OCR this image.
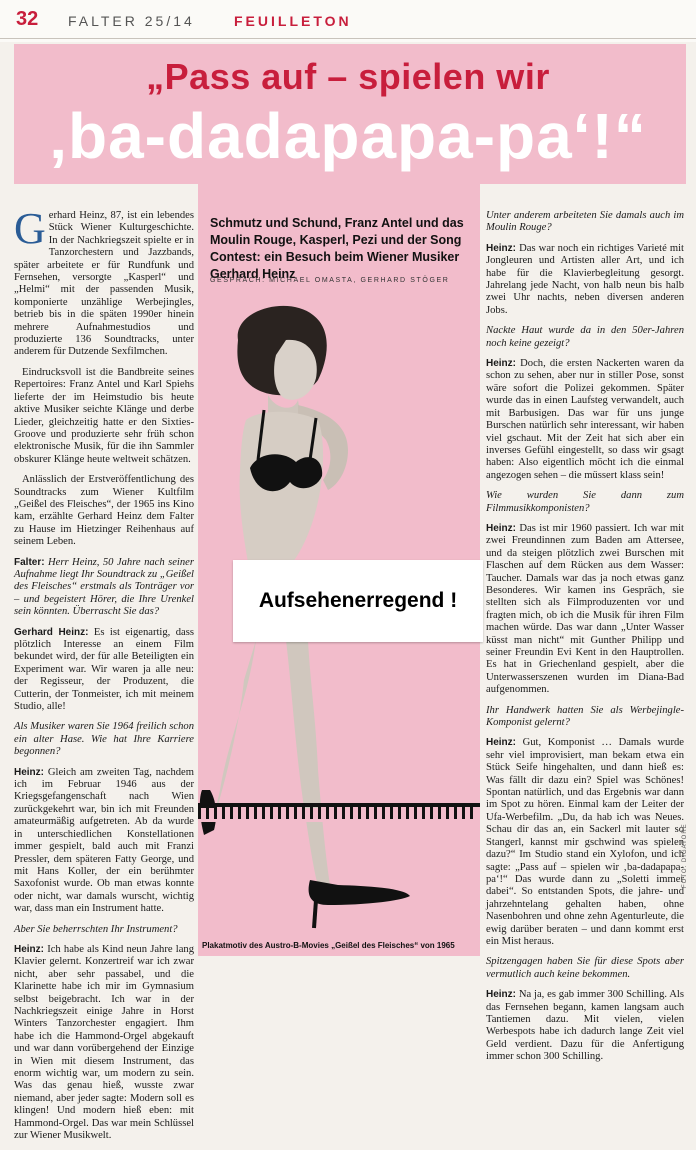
32 FALTER 25/14	FEUILLETON
„Pass auf – spielen wir
‚ba-dadapapa-pa‘!“
Schmutz und Schund, Franz Antel und das Moulin Rouge, Kasperl, Pezi und der Song Contest: ein Besuch beim Wiener Musiker Gerhard Heinz
GESPRÄCH: MICHAEL OMASTA, GERHARD STÖGER

Gerhard Heinz, 87, ist ein lebendes Stück Wiener Kulturgeschichte. In der Nachkriegszeit spielte er in Tanzorchestern und Jazzbands, später arbeitete er für Rundfunk und Fernsehen, versorgte „Kasperl“ und „Helmi“ mit der passenden Musik, komponierte unzählige Werbejingles, betrieb bis in die späten 1990er hinein mehrere Aufnahmestudios und produzierte 136 Soundtracks, unter anderem für Dutzende Sexfilmchen.

Eindrucksvoll ist die Bandbreite seines Repertoires: Franz Antel und Karl Spiehs lieferte der im Heimstudio bis heute aktive Musiker seichte Klänge und derbe Lieder, gleichzeitig hatte er den Sixties-Groove und produzierte sehr früh schon elektronische Musik, für die ihn Sammler obskurer Klänge heute weltweit schätzen.

Anlässlich der Erstveröffentlichung des Soundtracks zum Wiener Kultfilm „Geißel des Fleisches“, der 1965 ins Kino kam, erzählte Gerhard Heinz dem Falter zu Hause im Hietzinger Reihenhaus auf seinem Leben.

Falter: Herr Heinz, 50 Jahre nach seiner Aufnahme liegt Ihr Soundtrack zu „Geißel des Fleisches“ erstmals als Tonträger vor – und begeistert Hörer, die Ihre Urenkel sein könnten. Überrascht Sie das?

Gerhard Heinz: Es ist eigenartig, dass plötzlich Interesse an einem Film bekundet wird, der für alle Beteiligten ein Experiment war. Wir waren ja alle neu: der Regisseur, der Produzent, die Cutterin, der Tonmeister, ich mit meinem Studio, alle!

Als Musiker waren Sie 1964 freilich schon ein alter Hase. Wie hat Ihre Karriere begonnen?

Heinz: Gleich am zweiten Tag, nachdem ich im Februar 1946 aus der Kriegsgefangenschaft nach Wien zurückgekehrt war, bin ich mit Freunden amateurmäßig aufgetreten. Ab da wurde in unterschiedlichen Konstellationen immer gespielt, bald auch mit Franzi Pressler, dem späteren Fatty George, und mit Hans Koller, der ein berühmter Saxofonist wurde. Ob man etwas konnte oder nicht, war damals wurscht, wichtig war, dass man ein Instrument hatte.

Aber Sie beherrschten Ihr Instrument?

Heinz: Ich habe als Kind neun Jahre lang Klavier gelernt. Konzertreif war ich zwar nicht, aber sehr passabel, und die Klarinette habe ich mir im Gymnasium selbst beigebracht. Ich war in der Nachkriegszeit einige Jahre in Horst Winters Tanzorchester engagiert. Ihm habe ich die Hammond-Orgel abgekauft und war dann vorübergehend der Einzige in Wien mit diesem Instrument, das enorm wichtig war, um modern zu sein. Was das genau hieß, wusste zwar niemand, aber jeder sagte: Modern soll es klingen! Und modern hieß eben: mit Hammond-Orgel. Das war mein Schlüssel zur Wiener Musikwelt.

Unter anderem arbeiteten Sie damals auch im Moulin Rouge?

Heinz: Das war noch ein richtiges Varieté mit Jongleuren und Artisten aller Art, und ich habe für die Klavierbegleitung gesorgt. Jahrelang jede Nacht, von halb neun bis halb zwei Uhr nachts, neben diversen anderen Jobs.

Nackte Haut wurde da in den 50er-Jahren noch keine gezeigt?

Heinz: Doch, die ersten Nackerten waren da schon zu sehen, aber nur in stiller Pose, sonst wäre sofort die Polizei gekommen. Später wurde das in einen Laufsteg verwandelt, auch mit Barbusigen. Das war für uns junge Burschen natürlich sehr interessant, wir haben viel gschaut. Mit der Zeit hat sich aber ein inverses Gefühl eingestellt, so dass wir gsagt haben: Also eigentlich möcht ich die einmal angezogen sehen – die müssert klass sein!

Wie wurden Sie dann zum Filmmusikkomponisten?

Heinz: Das ist mir 1960 passiert. Ich war mit zwei Freundinnen zum Baden am Attersee, und da steigen plötzlich zwei Burschen mit Flaschen auf dem Rücken aus dem Wasser: Taucher. Damals war das ja noch etwas ganz Besonderes. Wir kamen ins Gespräch, sie stellten sich als Filmproduzenten vor und fragten mich, ob ich die Musik für ihren Film machen würde. Das war dann „Unter Wasser küsst man nicht“ mit Gunther Philipp und seiner Freundin Evi Kent in den Hauptrollen. Es hat in Griechenland gespielt, aber die Unterwasserszenen wurden im Diana-Bad aufgenommen.

Ihr Handwerk hatten Sie als Werbejingle-Komponist gelernt?

Heinz: Gut, Komponist … Damals wurde sehr viel improvisiert, man bekam etwa ein Stück Seife hingehalten, und dann hieß es: Was fällt dir dazu ein? Spiel was Schönes! Spontan natürlich, und das Ergebnis war dann im Spot zu hören. Einmal kam der Leiter der Ufa-Werbefilm. „Du, da hab ich was Neues. Schau dir das an, ein Sackerl mit lauter so Stangerl, kannst mir gschwind was spielen dazu?“ Im Studio stand ein Xylofon, und ich sagte: „Pass auf – spielen wir ‚ba-dadapapa-pa‘!“ Das wurde dann zu „Soletti immer dabei“. So entstanden Spots, die jahre- und jahrzehntelang gehalten haben, ohne Nasenbohren und ohne zehn Agenturleute, die ewig darüber beraten – und dann kommt erst ein Mist heraus.

Spitzengagen haben Sie für diese Spots aber vermutlich auch keine bekommen.

Heinz: Na ja, es gab immer 300 Schilling. Als das Fernsehen begann, kamen langsam auch Tantiemen dazu. Mit vielen, vielen Werbespots habe ich dadurch lange Zeit viel Geld verdient. Dazu für die Anfertigung immer schon 300 Schilling.

Aufsehenerregend !
Plakatmotiv des Austro-B-Movies „Geißel des Fleisches“ von 1965
FOTO: DIGATORE
